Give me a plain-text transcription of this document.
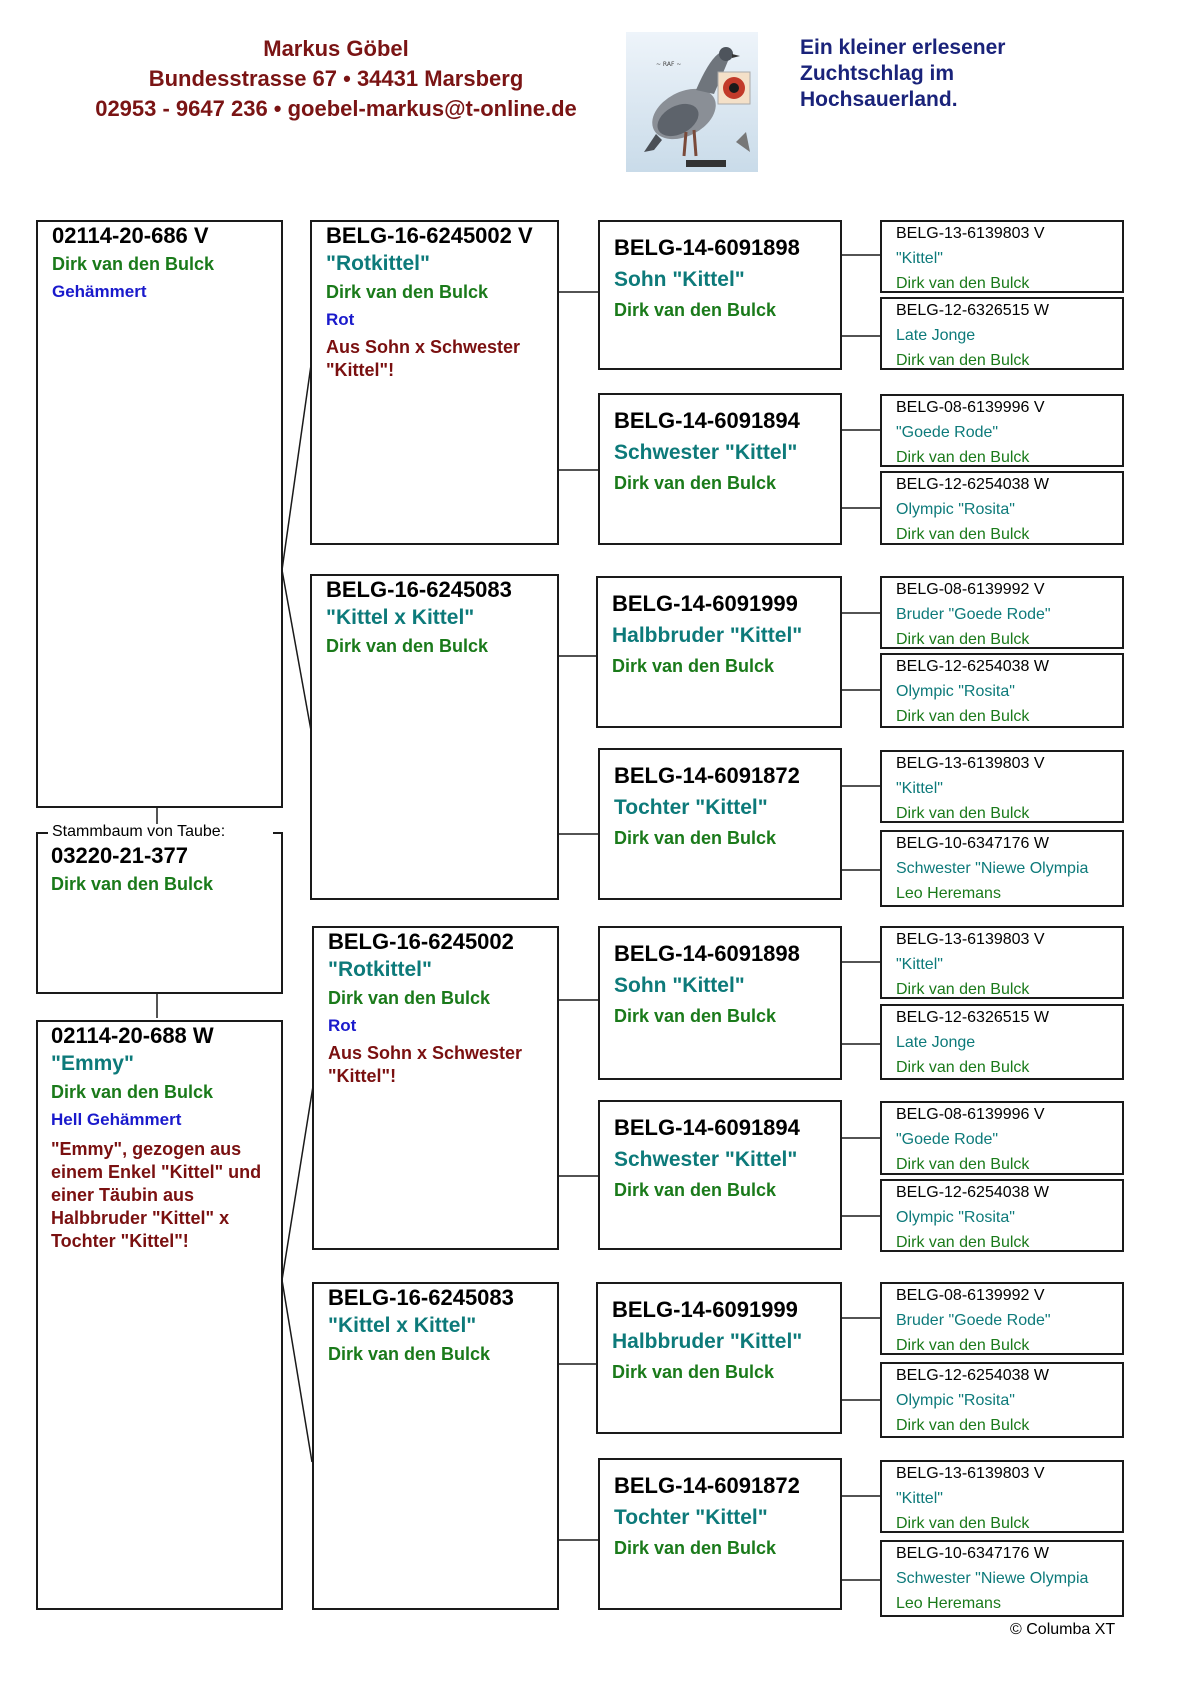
Markus Göbel
Bundesstrasse 67 • 34431 Marsberg
02953 - 9647 236 • goebel-markus@t-online.de
~ RAF ~
Ein kleiner erlesener
Zuchtschlag im
Hochsauerland.
02114-20-686 V
Dirk van den Bulck
Gehämmert
03220-21-377
Dirk van den Bulck
Stammbaum von Taube:
02114-20-688 W
"Emmy"
Dirk van den Bulck
Hell Gehämmert
"Emmy", gezogen aus einem Enkel "Kittel" und einer Täubin aus Halbbruder "Kittel" x Tochter "Kittel"!
BELG-16-6245002 V
"Rotkittel"
Dirk van den Bulck
Rot
Aus Sohn x Schwester "Kittel"!
BELG-16-6245083
"Kittel x Kittel"
Dirk van den Bulck
BELG-16-6245002
"Rotkittel"
Dirk van den Bulck
Rot
Aus Sohn x Schwester "Kittel"!
BELG-16-6245083
"Kittel x Kittel"
Dirk van den Bulck
BELG-14-6091898
Sohn "Kittel"
Dirk van den Bulck
BELG-14-6091894
Schwester "Kittel"
Dirk van den Bulck
BELG-14-6091999
Halbbruder "Kittel"
Dirk van den Bulck
BELG-14-6091872
Tochter "Kittel"
Dirk van den Bulck
BELG-14-6091898
Sohn "Kittel"
Dirk van den Bulck
BELG-14-6091894
Schwester "Kittel"
Dirk van den Bulck
BELG-14-6091999
Halbbruder "Kittel"
Dirk van den Bulck
BELG-14-6091872
Tochter "Kittel"
Dirk van den Bulck
BELG-13-6139803 V
"Kittel"
Dirk van den Bulck
BELG-12-6326515 W
Late Jonge
Dirk van den Bulck
BELG-08-6139996 V
"Goede Rode"
Dirk van den Bulck
BELG-12-6254038 W
Olympic "Rosita"
Dirk van den Bulck
BELG-08-6139992 V
Bruder "Goede Rode"
Dirk van den Bulck
BELG-12-6254038 W
Olympic "Rosita"
Dirk van den Bulck
BELG-13-6139803 V
"Kittel"
Dirk van den Bulck
BELG-10-6347176 W
Schwester "Niewe Olympia
Leo Heremans
BELG-13-6139803 V
"Kittel"
Dirk van den Bulck
BELG-12-6326515 W
Late Jonge
Dirk van den Bulck
BELG-08-6139996 V
"Goede Rode"
Dirk van den Bulck
BELG-12-6254038 W
Olympic "Rosita"
Dirk van den Bulck
BELG-08-6139992 V
Bruder "Goede Rode"
Dirk van den Bulck
BELG-12-6254038 W
Olympic "Rosita"
Dirk van den Bulck
BELG-13-6139803 V
"Kittel"
Dirk van den Bulck
BELG-10-6347176 W
Schwester "Niewe Olympia
Leo Heremans
© Columba XT
